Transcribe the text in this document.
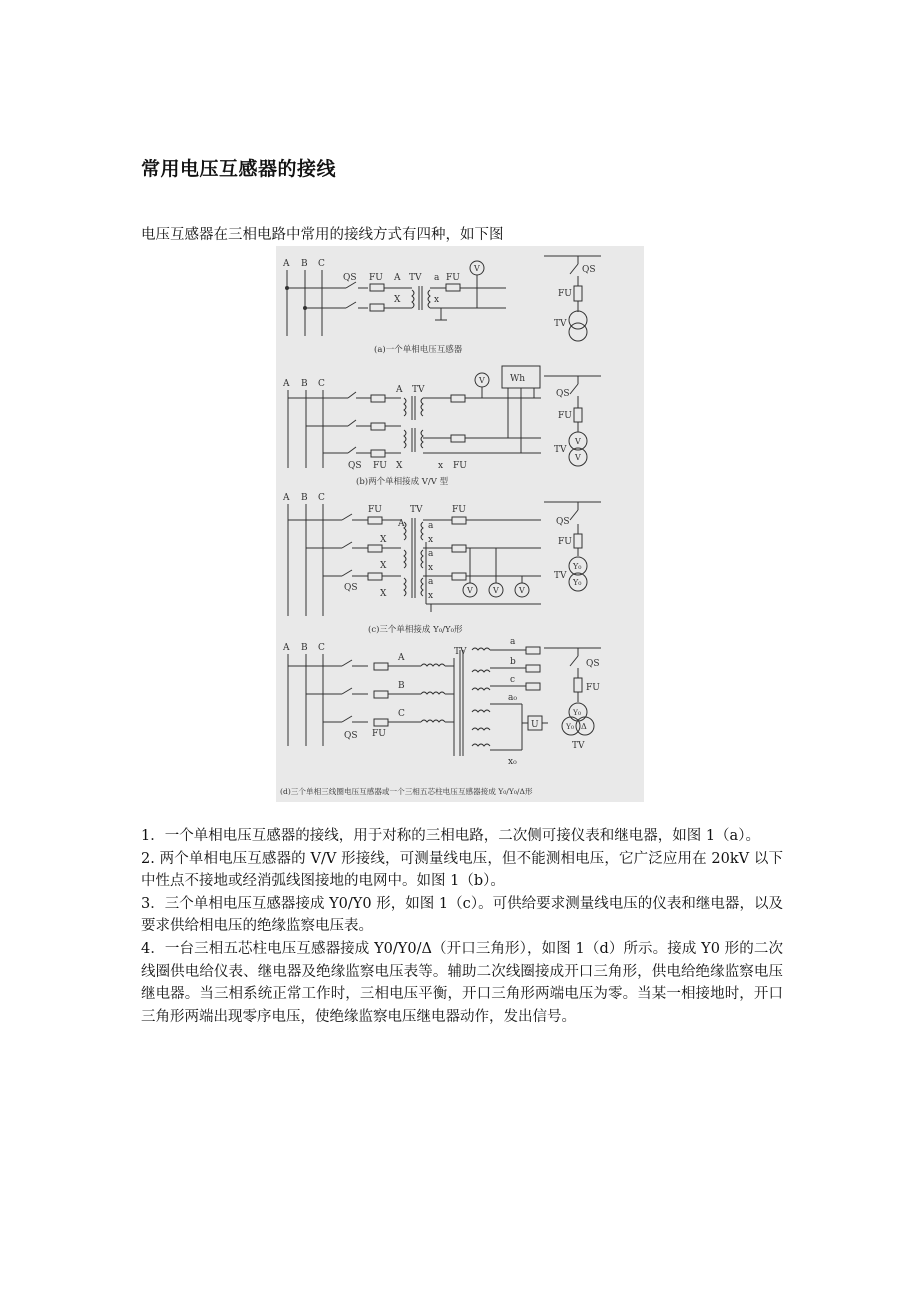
常用电压互感器的接线
电压互感器在三相电路中常用的接线方式有四种，如下图
A B C
QS FU A
X
TV a
x
FU
V
(a)一个单相电压互感器
QS
FU
TV
A B C
QS FU X
A TV
FU
x
V	Wh
(b)两个单相接成 V/V 型
QS
FU
V
V
TV
A B C
QS
FU	TV
A
X
X
X
a
x
a
x
a
x
FU
V	V	V
(c)三个单相接成 Y₀/Y₀形
QS
FU
Y₀
Y₀
TV
A B C
QS FU
A
B
C
TV
a
b
c
a₀
x₀
U
(d)三个单相三线圈电压互感器或一个三相五芯柱电压互感器接成 Y₀/Y₀/Δ形
QS
FU
Y₀
Y₀ Δ
TV

1．一个单相电压互感器的接线，用于对称的三相电路，二次侧可接仪表和继电器，如图 1（a）。

2. 两个单相电压互感器的 V/V 形接线，可测量线电压，但不能测相电压，它广泛应用在 20kV 以下中性点不接地或经消弧线图接地的电网中。如图 1（b）。

3．三个单相电压互感器接成 Y0/Y0 形，如图 1（c）。可供给要求测量线电压的仪表和继电器，以及要求供给相电压的绝缘监察电压表。

4．一台三相五芯柱电压互感器接成 Y0/Y0/Δ（开口三角形），如图 1（d）所示。接成 Y0 形的二次线圈供电给仪表、继电器及绝缘监察电压表等。辅助二次线圈接成开口三角形，供电给绝缘监察电压继电器。当三相系统正常工作时，三相电压平衡，开口三角形两端电压为零。当某一相接地时，开口三角形两端出现零序电压，使绝缘监察电压继电器动作，发出信号。
